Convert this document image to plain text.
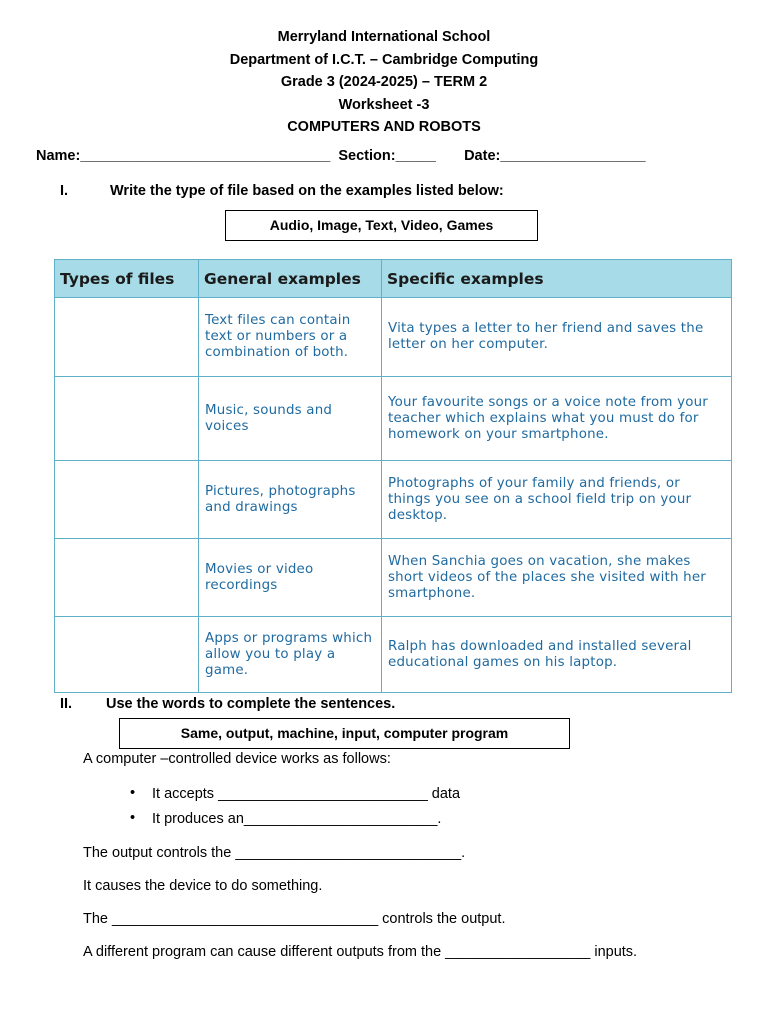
Merryland International School
Department of I.C.T. – Cambridge Computing
Grade 3 (2024-2025) – TERM 2
Worksheet -3
COMPUTERS AND ROBOTS
Name:_______________________________  Section:_____       Date:__________________
I.	Write the type of file based on the examples listed below:
Audio, Image, Text, Video, Games
Types of files	General examples	Specific examples
	Text files can contain text or numbers or a combination of both.	Vita types a letter to her friend and saves the letter on her computer.
	Music, sounds and voices	Your favourite songs or a voice note from your teacher which explains what you must do for homework on your smartphone.
	Pictures, photographs and drawings	Photographs of your family and friends, or things you see on a school field trip on your desktop.
	Movies or video recordings	When Sanchia goes on vacation, she makes short videos of the places she visited with her smartphone.
	Apps or programs which allow you to play a game.	Ralph has downloaded and installed several educational games on his laptop.
II. Use the words to complete the sentences.
Same, output, machine, input, computer program
A computer –controlled device works as follows:
• It accepts __________________________ data
• It produces an________________________.
The output controls the ____________________________.
It causes the device to do something.
The _________________________________ controls the output.
A different program can cause different outputs from the __________________ inputs.
